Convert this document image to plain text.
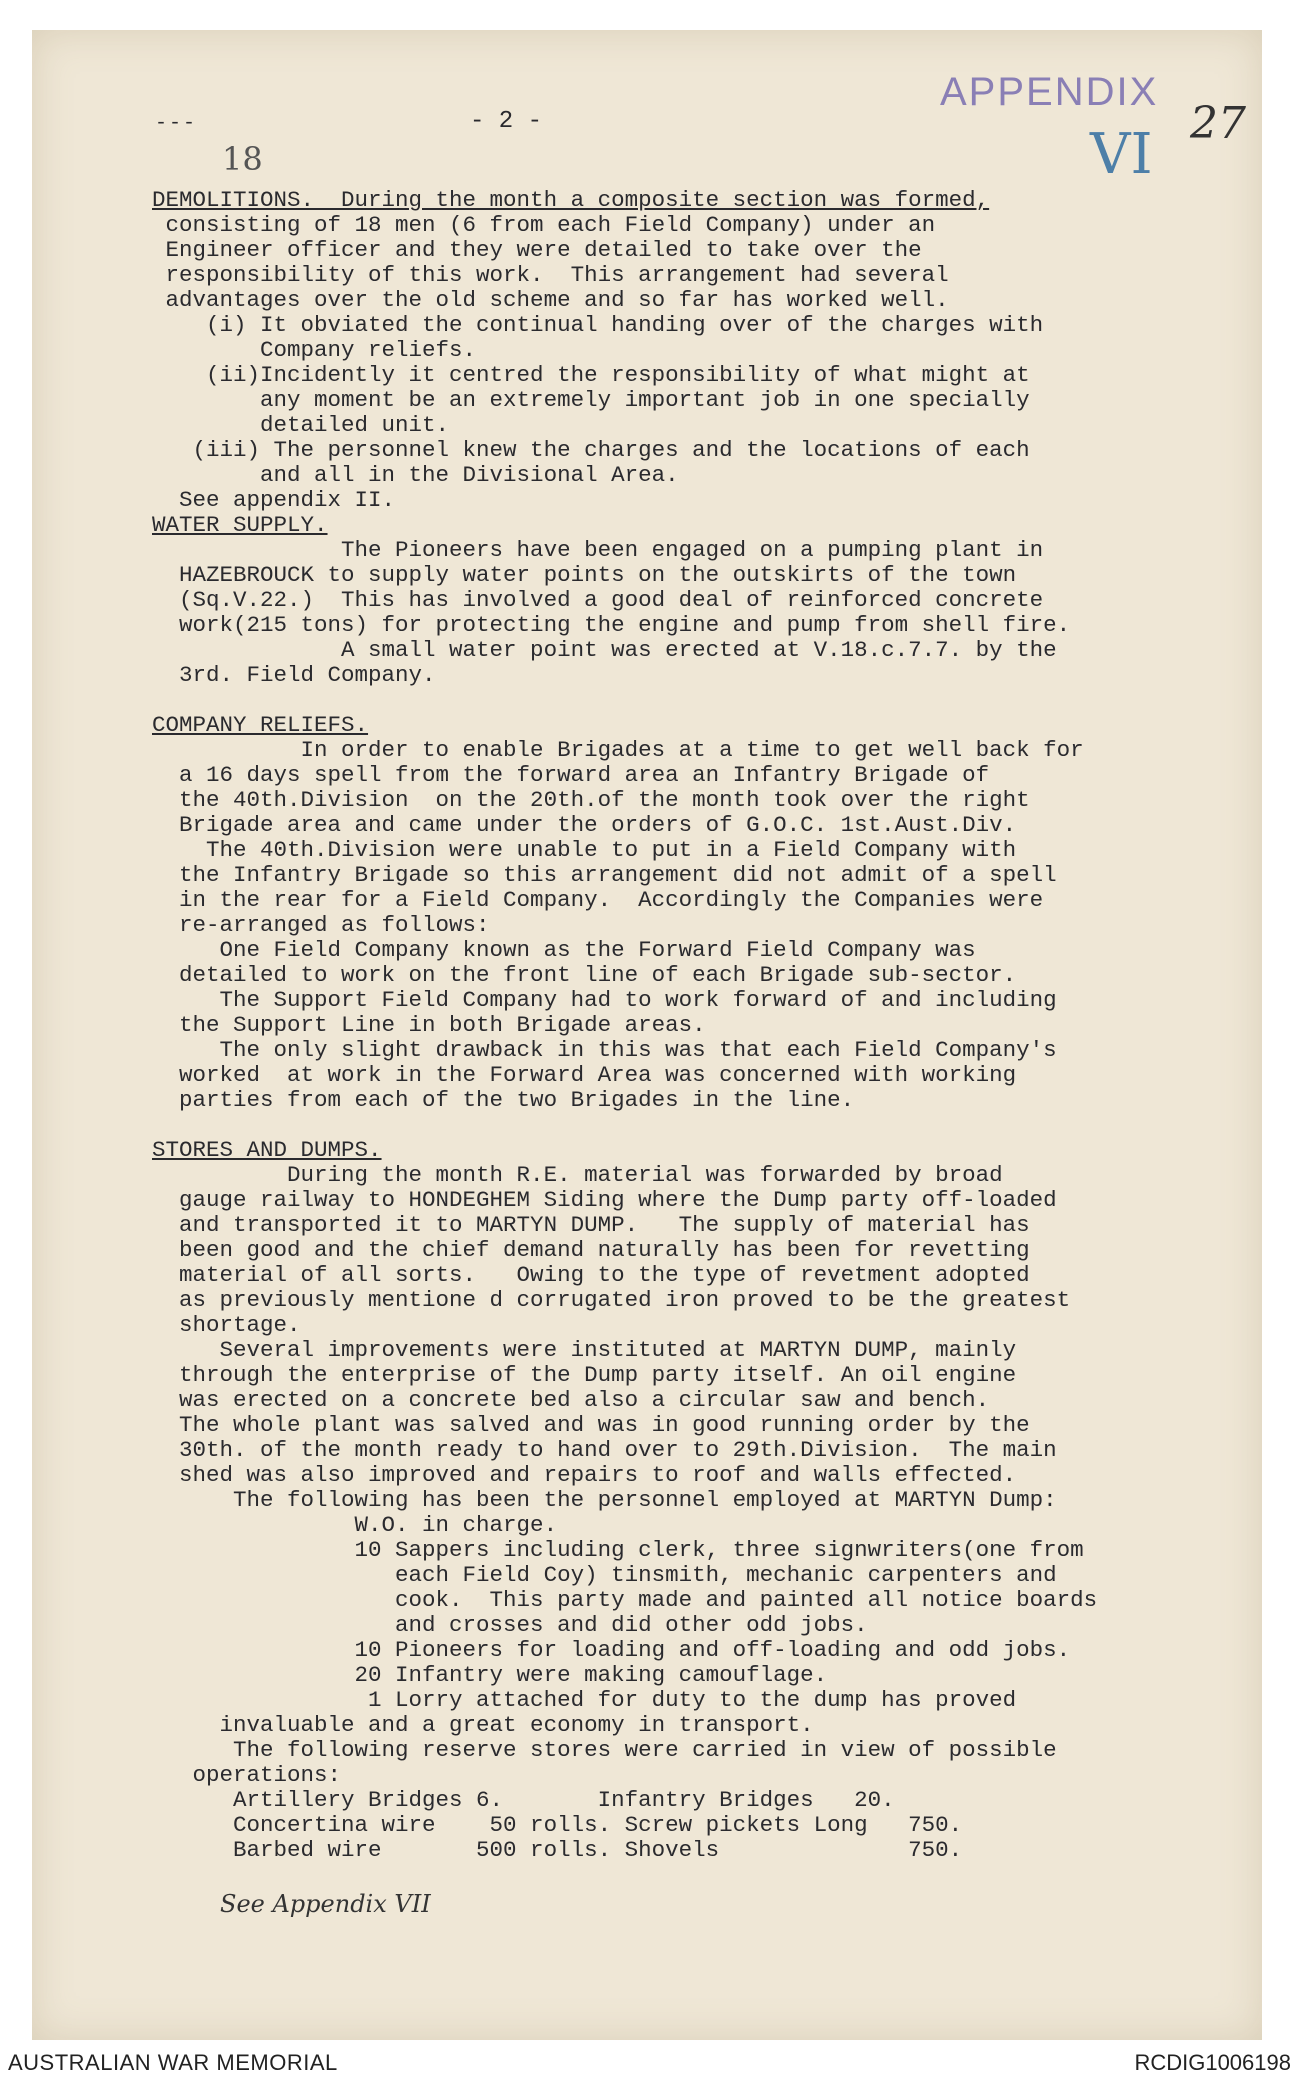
---
18
- 2 -
APPENDIX
VI 27
DEMOLITIONS.  During the month a composite section was formed,
consisting of 18 men (6 from each Field Company) under an
Engineer officer and they were detailed to take over the
responsibility of this work.  This arrangement had several
advantages over the old scheme and so far has worked well.
(i) It obviated the continual handing over of the charges with
Company reliefs.
(ii)Incidently it centred the responsibility of what might at
any moment be an extremely important job in one specially
detailed unit.
(iii) The personnel knew the charges and the locations of each
and all in the Divisional Area.
See appendix II.
WATER SUPPLY.
The Pioneers have been engaged on a pumping plant in
HAZEBROUCK to supply water points on the outskirts of the town
(Sq.V.22.)  This has involved a good deal of reinforced concrete
work(215 tons) for protecting the engine and pump from shell fire.
A small water point was erected at V.18.c.7.7. by the
3rd. Field Company.
COMPANY RELIEFS.
In order to enable Brigades at a time to get well back for
a 16 days spell from the forward area an Infantry Brigade of
the 40th.Division  on the 20th.of the month took over the right
Brigade area and came under the orders of G.O.C. 1st.Aust.Div.
The 40th.Division were unable to put in a Field Company with
the Infantry Brigade so this arrangement did not admit of a spell
in the rear for a Field Company.  Accordingly the Companies were
re-arranged as follows:
One Field Company known as the Forward Field Company was
detailed to work on the front line of each Brigade sub-sector.
The Support Field Company had to work forward of and including
the Support Line in both Brigade areas.
The only slight drawback in this was that each Field Company's
worked  at work in the Forward Area was concerned with working
parties from each of the two Brigades in the line.
STORES AND DUMPS.
During the month R.E. material was forwarded by broad
gauge railway to HONDEGHEM Siding where the Dump party off-loaded
and transported it to MARTYN DUMP.   The supply of material has
been good and the chief demand naturally has been for revetting
material of all sorts.   Owing to the type of revetment adopted
as previously mentione d corrugated iron proved to be the greatest
shortage.
Several improvements were instituted at MARTYN DUMP, mainly
through the enterprise of the Dump party itself. An oil engine
was erected on a concrete bed also a circular saw and bench.
The whole plant was salved and was in good running order by the
30th. of the month ready to hand over to 29th.Division.  The main
shed was also improved and repairs to roof and walls effected.
The following has been the personnel employed at MARTYN Dump:
W.O. in charge.
10 Sappers including clerk, three signwriters(one from
each Field Coy) tinsmith, mechanic carpenters and
cook.  This party made and painted all notice boards
and crosses and did other odd jobs.
10 Pioneers for loading and off-loading and odd jobs.
20 Infantry were making camouflage.
1 Lorry attached for duty to the dump has proved
invaluable and a great economy in transport.
The following reserve stores were carried in view of possible
operations:
Artillery Bridges 6.       Infantry Bridges   20.
Concertina wire    50 rolls. Screw pickets Long   750.
Barbed wire       500 rolls. Shovels              750.
See Appendix VII
AUSTRALIAN WAR MEMORIAL	RCDIG1006198
